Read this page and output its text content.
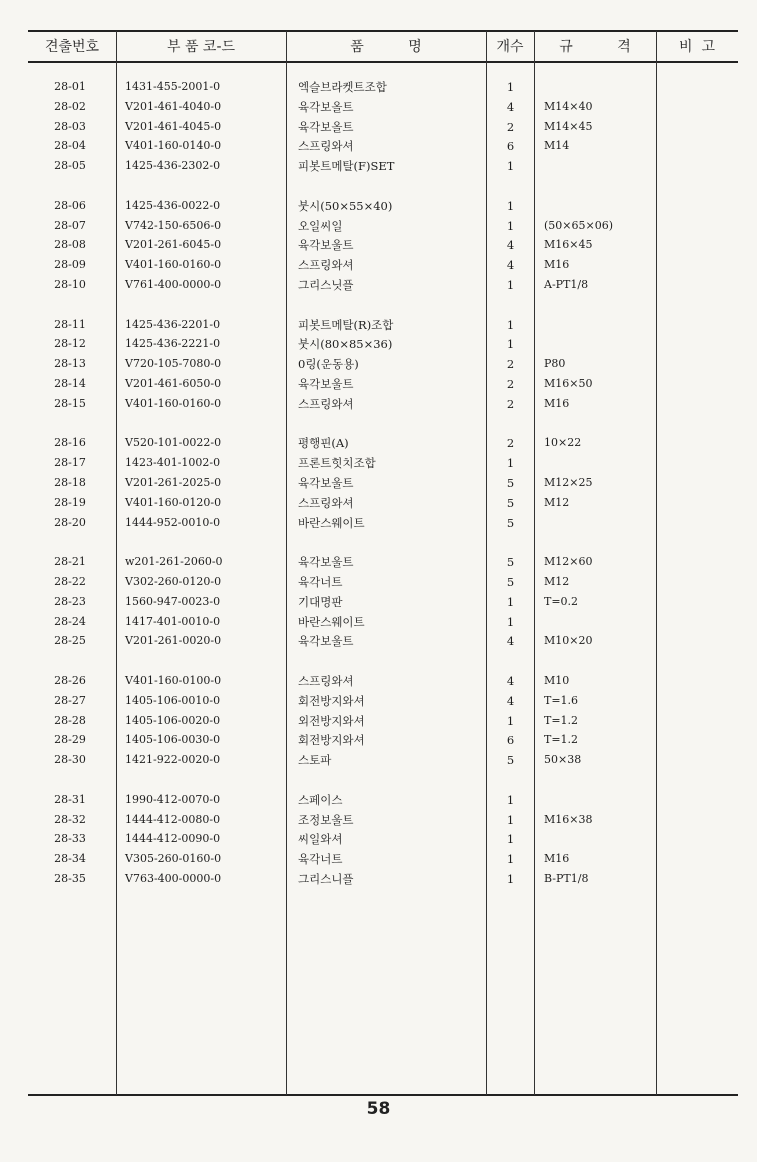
견출번호	부 품 코-드	품          명	개수	규          격	비  고
28-01	1431-455-2001-0	엑슬브라켓트조합	1
28-02	V201-461-4040-0	육각보올트	4	M14×40
28-03	V201-461-4045-0	육각보올트	2	M14×45
28-04	V401-160-0140-0	스프링와셔	6	M14
28-05	1425-436-2302-0	피봇트메탈(F)SET	1
28-06	1425-436-0022-0	붓시(50×55×40)	1
28-07	V742-150-6506-0	오일씨일	1	(50×65×06)
28-08	V201-261-6045-0	육각보울트	4	M16×45
28-09	V401-160-0160-0	스프링와셔	4	M16
28-10	V761-400-0000-0	그리스닛플	1	A-PT1/8
28-11	1425-436-2201-0	피봇트메탈(R)조합	1
28-12	1425-436-2221-0	붓시(80×85×36)	1
28-13	V720-105-7080-0	0링(운동용)	2	P80
28-14	V201-461-6050-0	육각보울트	2	M16×50
28-15	V401-160-0160-0	스프링와셔	2	M16
28-16	V520-101-0022-0	평행핀(A)	2	10×22
28-17	1423-401-1002-0	프론트힛치조합	1
28-18	V201-261-2025-0	육각보울트	5	M12×25
28-19	V401-160-0120-0	스프링와셔	5	M12
28-20	1444-952-0010-0	바란스웨이트	5
28-21	w201-261-2060-0	육각보울트	5	M12×60
28-22	V302-260-0120-0	육각너트	5	M12
28-23	1560-947-0023-0	기대명판	1	T=0.2
28-24	1417-401-0010-0	바란스웨이트	1
28-25	V201-261-0020-0	육각보울트	4	M10×20
28-26	V401-160-0100-0	스프링와셔	4	M10
28-27	1405-106-0010-0	회전방지와셔	4	T=1.6
28-28	1405-106-0020-0	외전방지와셔	1	T=1.2
28-29	1405-106-0030-0	회전방지와셔	6	T=1.2
28-30	1421-922-0020-0	스토파	5	50×38
28-31	1990-412-0070-0	스페이스	1
28-32	1444-412-0080-0	조정보울트	1	M16×38
28-33	1444-412-0090-0	씨일와셔	1
28-34	V305-260-0160-0	육각너트	1	M16
28-35	V763-400-0000-0	그리스니플	1	B-PT1/8
58
